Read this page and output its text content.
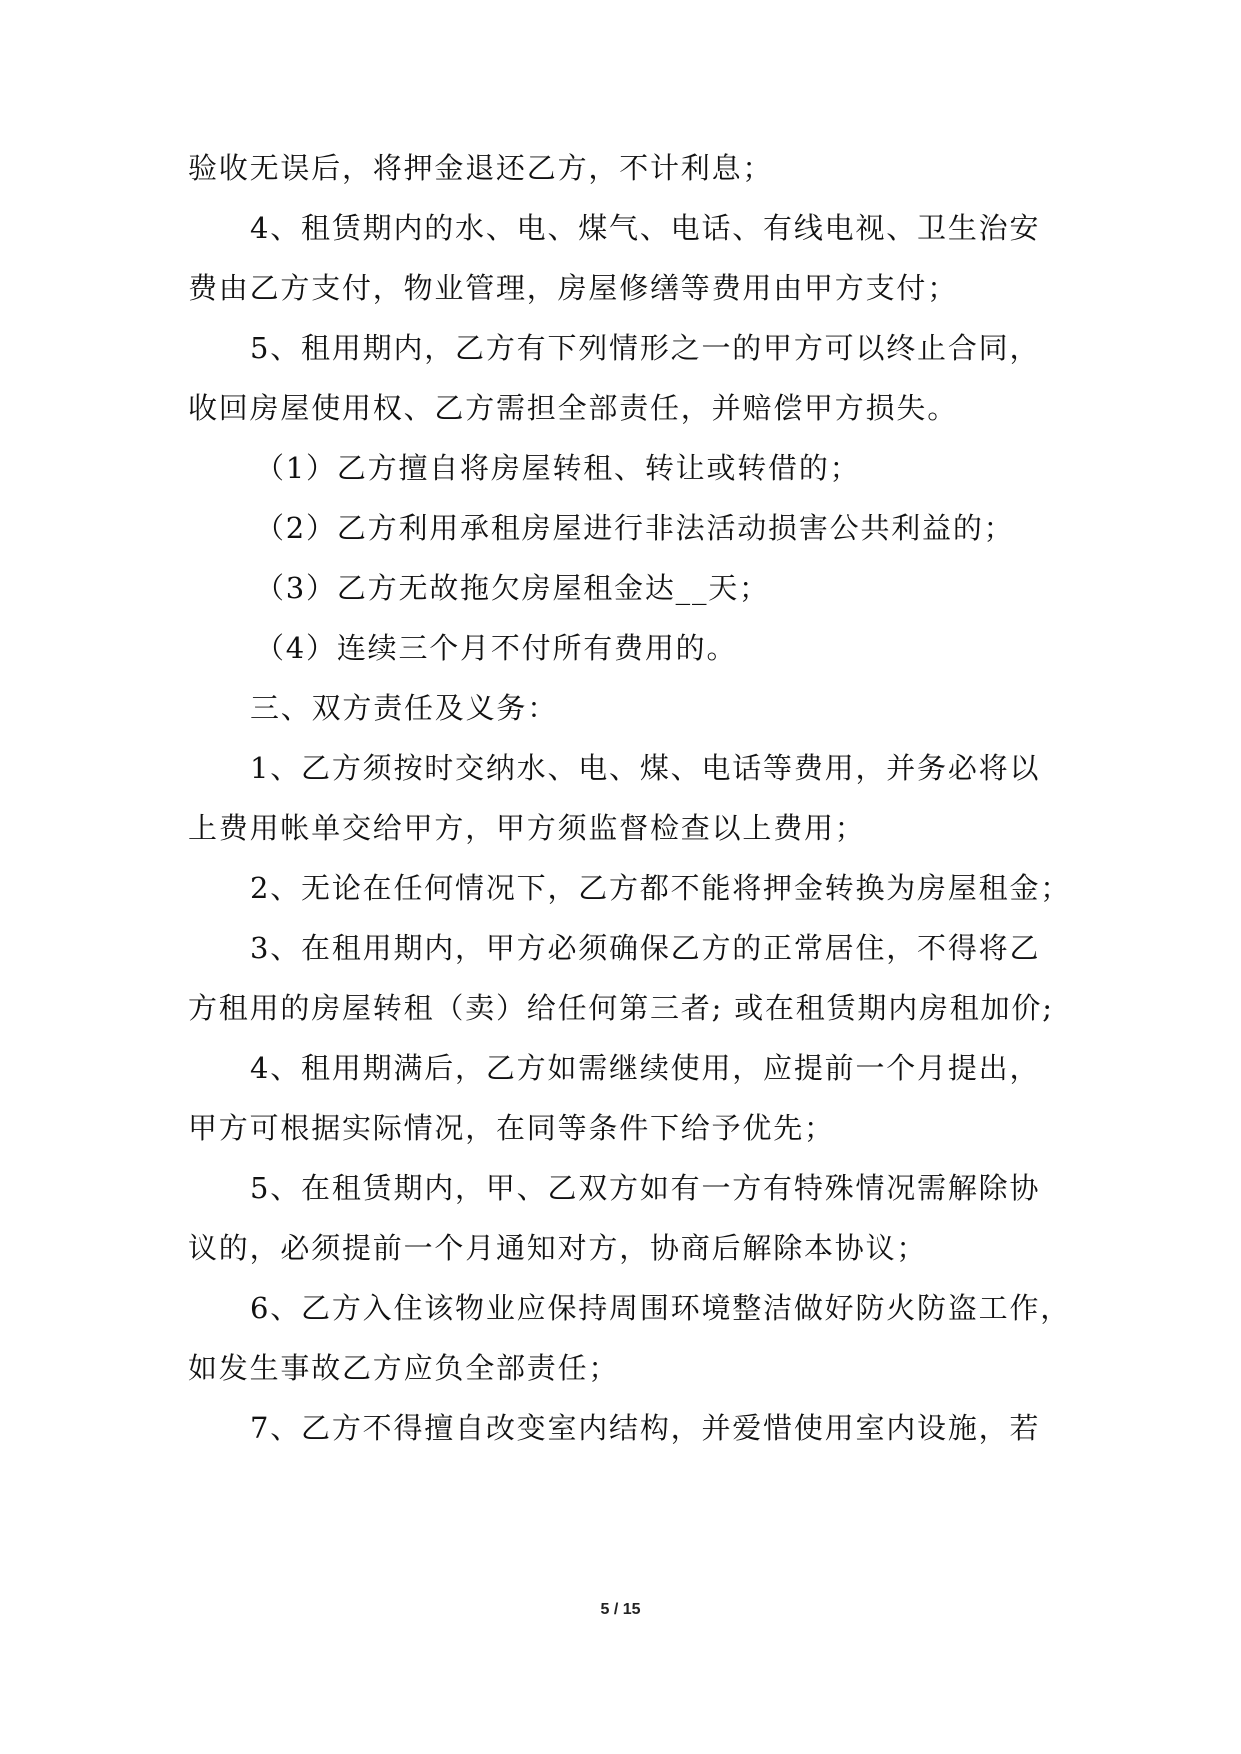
验收无误后，将押金退还乙方，不计利息；
4、租赁期内的水、电、煤气、电话、有线电视、卫生治安
费由乙方支付，物业管理，房屋修缮等费用由甲方支付；
5、租用期内，乙方有下列情形之一的甲方可以终止合同，
收回房屋使用权、乙方需担全部责任，并赔偿甲方损失。
（1）乙方擅自将房屋转租、转让或转借的；
（2）乙方利用承租房屋进行非法活动损害公共利益的；
（3）乙方无故拖欠房屋租金达__天；
（4）连续三个月不付所有费用的。
三、双方责任及义务：
1、乙方须按时交纳水、电、煤、电话等费用，并务必将以
上费用帐单交给甲方，甲方须监督检查以上费用；
2、无论在任何情况下，乙方都不能将押金转换为房屋租金；
3、在租用期内，甲方必须确保乙方的正常居住，不得将乙
方租用的房屋转租（卖）给任何第三者; 或在租赁期内房租加价;
4、租用期满后，乙方如需继续使用，应提前一个月提出，
甲方可根据实际情况，在同等条件下给予优先；
5、在租赁期内，甲、乙双方如有一方有特殊情况需解除协
议的，必须提前一个月通知对方，协商后解除本协议；
6、乙方入住该物业应保持周围环境整洁做好防火防盗工作，
如发生事故乙方应负全部责任；
7、乙方不得擅自改变室内结构，并爱惜使用室内设施，若
5 / 15
